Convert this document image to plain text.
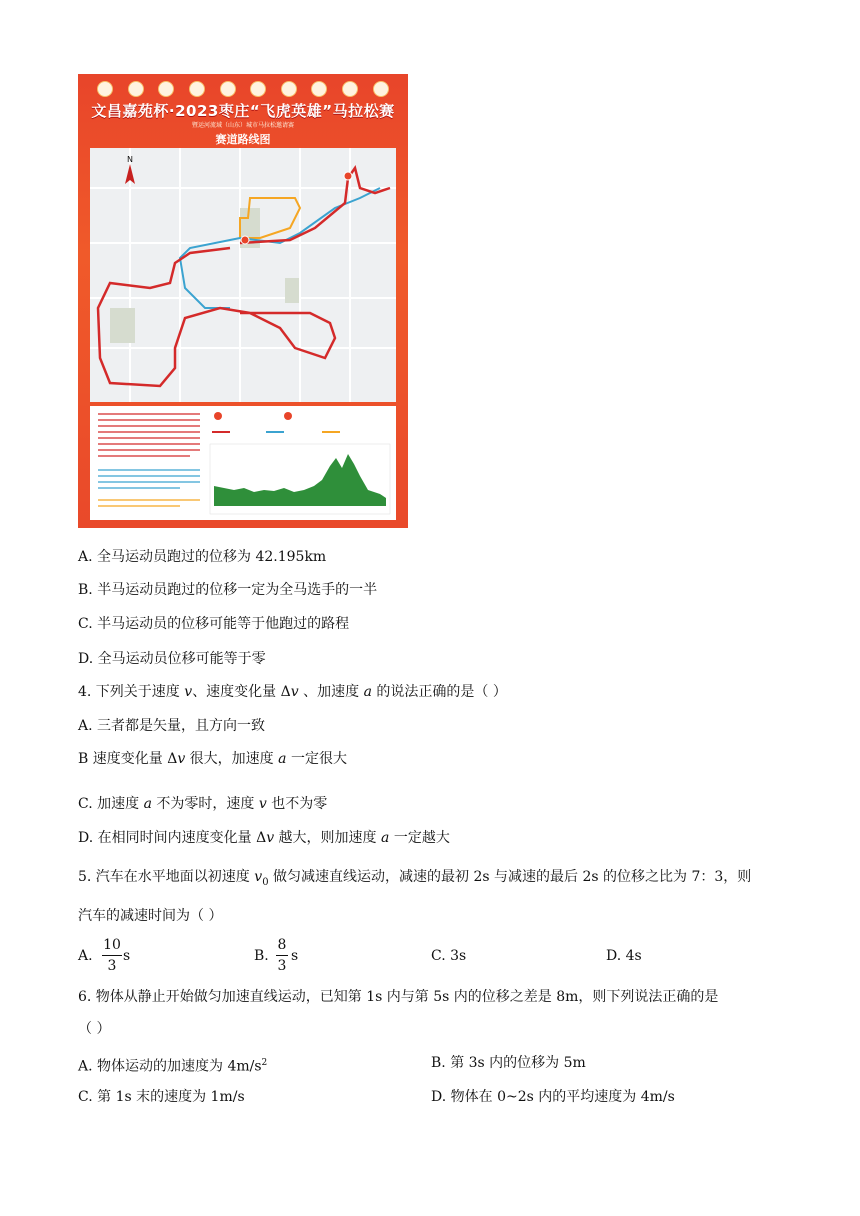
文昌嘉苑杯·2023枣庄“飞虎英雄”马拉松赛
暨运河流域（山东）城市马拉松邀请赛
赛道路线图
N
A. 全马运动员跑过的位移为 42.195km
B. 半马运动员跑过的位移一定为全马选手的一半
C. 半马运动员的位移可能等于他跑过的路程
D. 全马运动员位移可能等于零
4. 下列关于速度 v、速度变化量 Δv 、加速度 a 的说法正确的是（ ）
A. 三者都是矢量，且方向一致
B 速度变化量 Δv 很大，加速度 a 一定很大
C. 加速度 a 不为零时，速度 v 也不为零
D. 在相同时间内速度变化量 Δv 越大，则加速度 a 一定越大
5. 汽车在水平地面以初速度 $v_0$ 做匀减速直线运动，减速的最初 2s 与减速的最后 2s 的位移之比为 7：3，则
汽车的减速时间为（ ）
A.
10
3
s	B.
8
3
s	C. 3s	D. 4s
6. 物体从静止开始做匀加速直线运动，已知第 1s 内与第 5s 内的位移之差是 8m，则下列说法正确的是
（ ）
A. 物体运动的加速度为 $4m/s^2$	B. 第 3s 内的位移为 5m
C. 第 1s 末的速度为 1m/s	D. 物体在 0~2s 内的平均速度为 4m/s
